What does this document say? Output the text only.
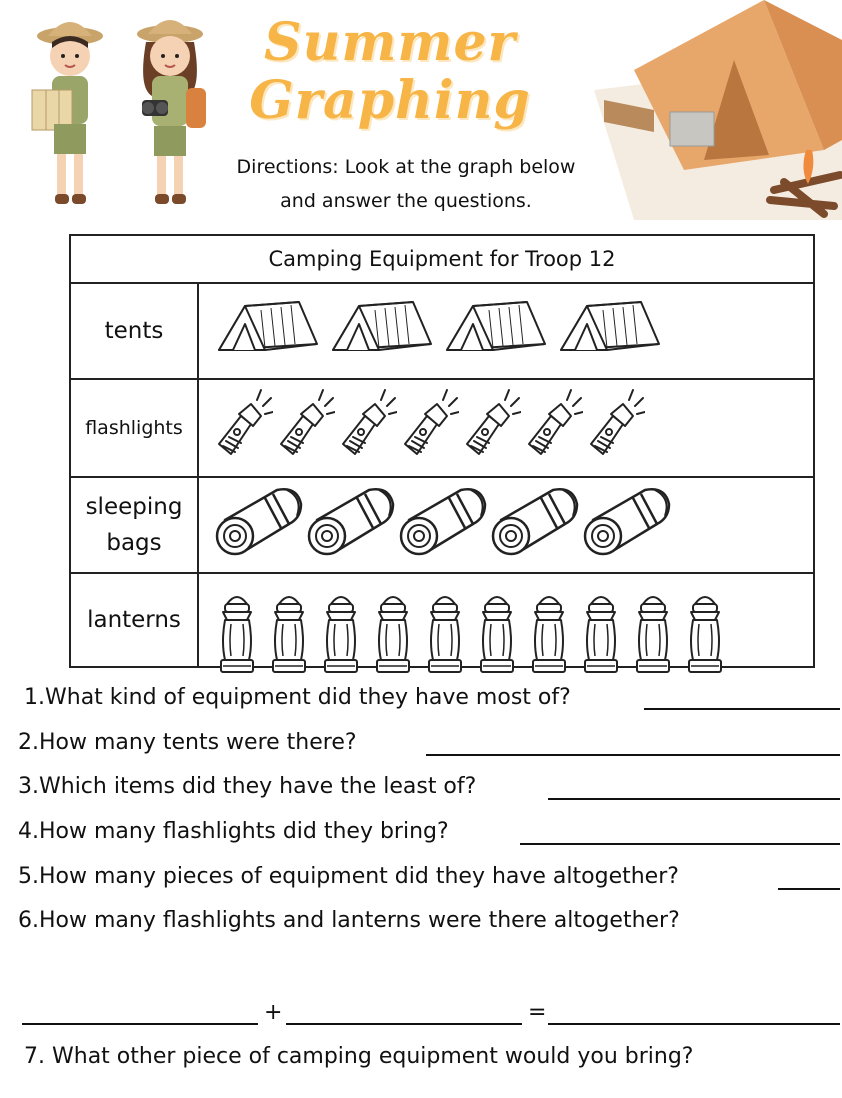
Summer
Graphing
Directions: Look at the graph below
and answer the questions.
Camping Equipment for Troop 12
tents
flashlights
sleeping
bags
lanterns
1.What kind of equipment did they have most of?
2.How many tents were there?
3.Which items did they have the least of?
4.How many flashlights did they bring?
5.How many pieces of equipment did they have altogether?
6.How many flashlights and lanterns were there altogether?
+	=
7. What other piece of camping equipment would you bring?
